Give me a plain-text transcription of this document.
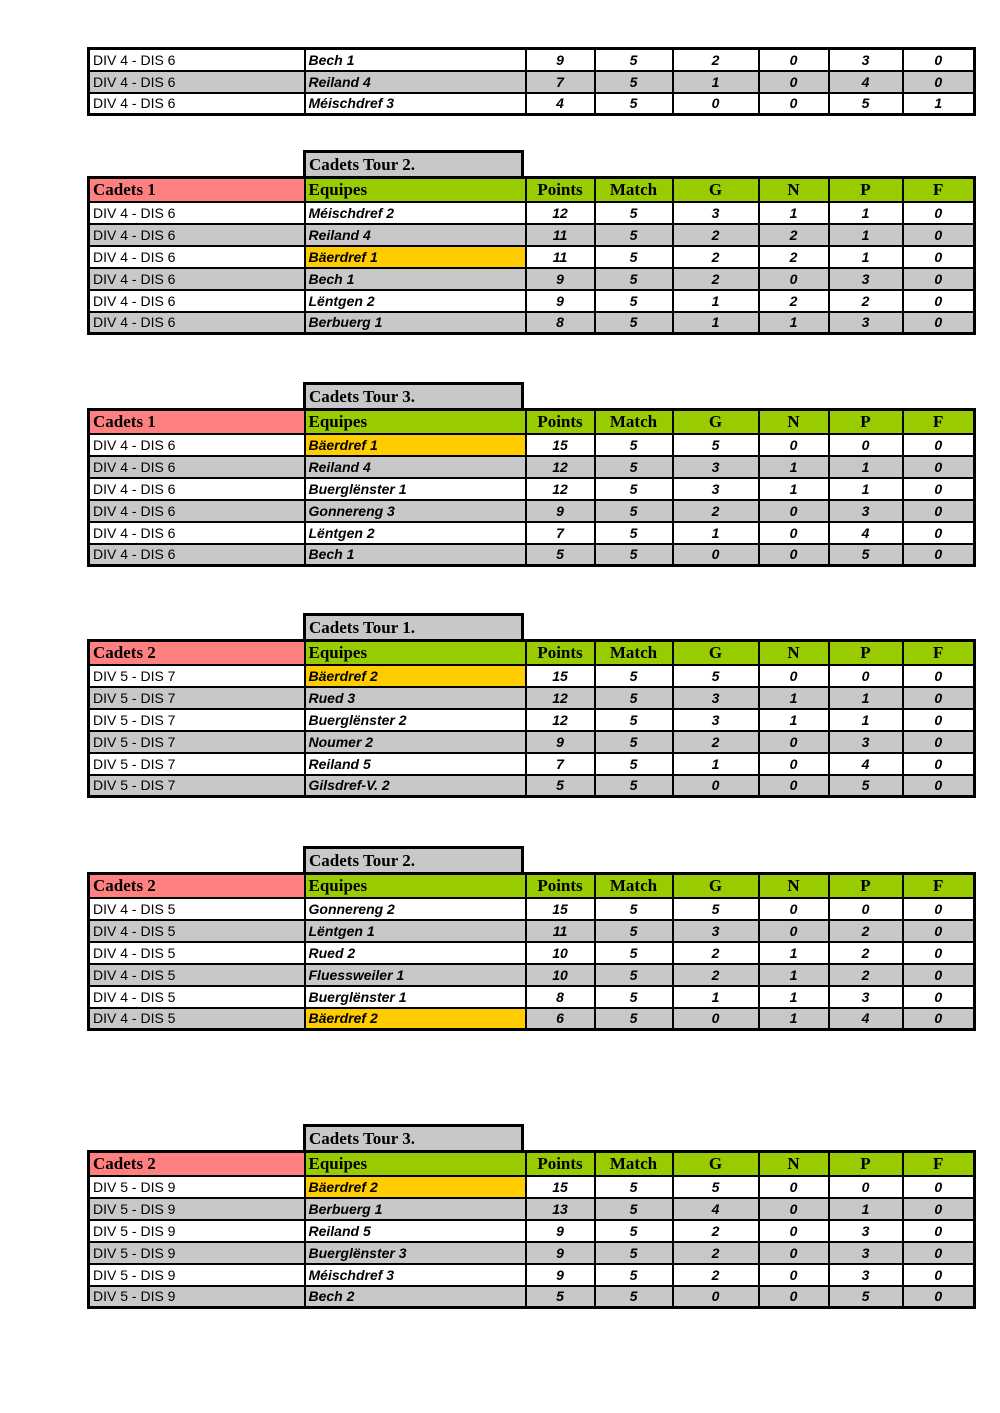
DIV 4 - DIS 6	Bech 1	9	5	2	0	3	0
DIV 4 - DIS 6	Reiland 4	7	5	1	0	4	0
DIV 4 - DIS 6	Méischdref 3	4	5	0	0	5	1
Cadets Tour 2.
Cadets 1	Equipes	Points	Match	G	N	P	F
DIV 4 - DIS 6	Méischdref 2	12	5	3	1	1	0
DIV 4 - DIS 6	Reiland 4	11	5	2	2	1	0
DIV 4 - DIS 6	Bäerdref 1	11	5	2	2	1	0
DIV 4 - DIS 6	Bech 1	9	5	2	0	3	0
DIV 4 - DIS 6	Lëntgen 2	9	5	1	2	2	0
DIV 4 - DIS 6	Berbuerg 1	8	5	1	1	3	0
Cadets Tour 3.
Cadets 1	Equipes	Points	Match	G	N	P	F
DIV 4 - DIS 6	Bäerdref 1	15	5	5	0	0	0
DIV 4 - DIS 6	Reiland 4	12	5	3	1	1	0
DIV 4 - DIS 6	Buerglënster 1	12	5	3	1	1	0
DIV 4 - DIS 6	Gonnereng 3	9	5	2	0	3	0
DIV 4 - DIS 6	Lëntgen 2	7	5	1	0	4	0
DIV 4 - DIS 6	Bech 1	5	5	0	0	5	0
Cadets Tour 1.
Cadets 2	Equipes	Points	Match	G	N	P	F
DIV 5 - DIS 7	Bäerdref 2	15	5	5	0	0	0
DIV 5 - DIS 7	Rued 3	12	5	3	1	1	0
DIV 5 - DIS 7	Buerglënster 2	12	5	3	1	1	0
DIV 5 - DIS 7	Noumer 2	9	5	2	0	3	0
DIV 5 - DIS 7	Reiland 5	7	5	1	0	4	0
DIV 5 - DIS 7	Gilsdref-V. 2	5	5	0	0	5	0
Cadets Tour 2.
Cadets 2	Equipes	Points	Match	G	N	P	F
DIV 4 - DIS 5	Gonnereng 2	15	5	5	0	0	0
DIV 4 - DIS 5	Lëntgen 1	11	5	3	0	2	0
DIV 4 - DIS 5	Rued 2	10	5	2	1	2	0
DIV 4 - DIS 5	Fluessweiler 1	10	5	2	1	2	0
DIV 4 - DIS 5	Buerglënster 1	8	5	1	1	3	0
DIV 4 - DIS 5	Bäerdref 2	6	5	0	1	4	0
Cadets Tour 3.
Cadets 2	Equipes	Points	Match	G	N	P	F
DIV 5 - DIS 9	Bäerdref 2	15	5	5	0	0	0
DIV 5 - DIS 9	Berbuerg 1	13	5	4	0	1	0
DIV 5 - DIS 9	Reiland 5	9	5	2	0	3	0
DIV 5 - DIS 9	Buerglënster 3	9	5	2	0	3	0
DIV 5 - DIS 9	Méischdref 3	9	5	2	0	3	0
DIV 5 - DIS 9	Bech 2	5	5	0	0	5	0
